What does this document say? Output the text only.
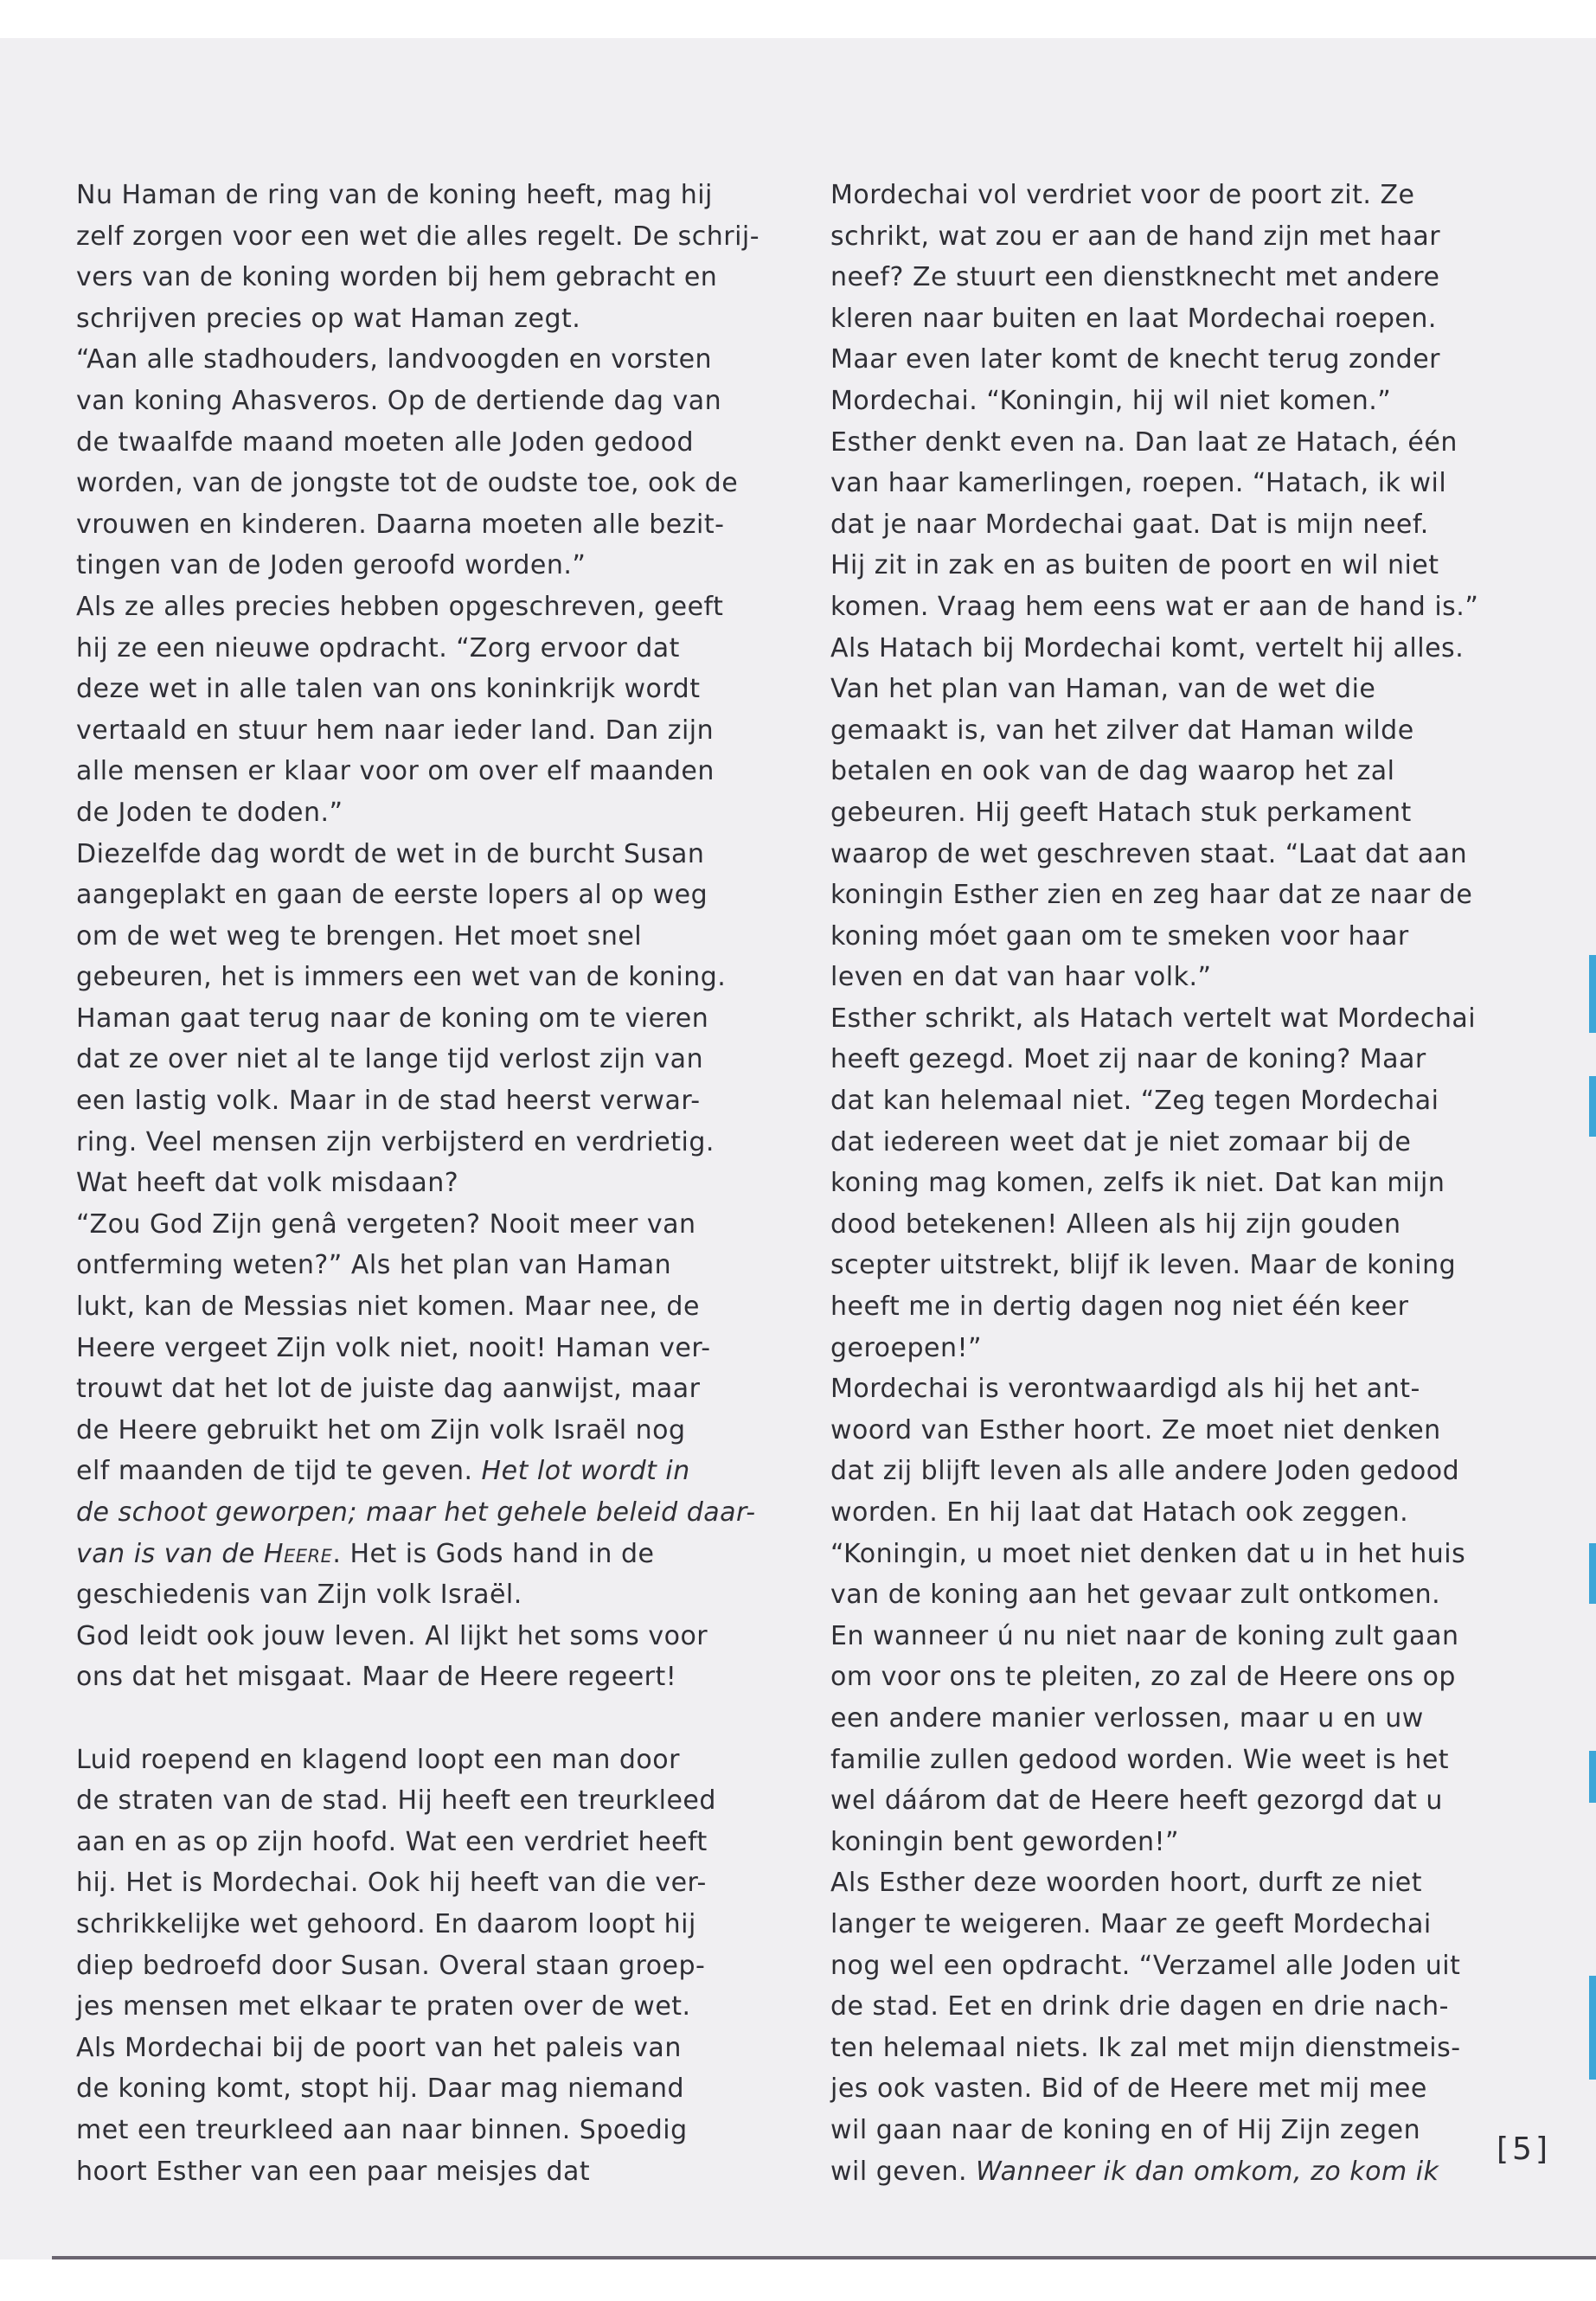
Nu Haman de ring van de koning heeft, mag hij
zelf zorgen voor een wet die alles regelt. De schrij-
vers van de koning worden bij hem gebracht en
schrijven precies op wat Haman zegt.
“Aan alle stadhouders, landvoogden en vorsten
van koning Ahasveros. Op de dertiende dag van
de twaalfde maand moeten alle Joden gedood
worden, van de jongste tot de oudste toe, ook de
vrouwen en kinderen. Daarna moeten alle bezit-
tingen van de Joden geroofd worden.”
Als ze alles precies hebben opgeschreven, geeft
hij ze een nieuwe opdracht. “Zorg ervoor dat
deze wet in alle talen van ons koninkrijk wordt
vertaald en stuur hem naar ieder land. Dan zijn
alle mensen er klaar voor om over elf maanden
de Joden te doden.”
Diezelfde dag wordt de wet in de burcht Susan
aangeplakt en gaan de eerste lopers al op weg
om de wet weg te brengen. Het moet snel
gebeuren, het is immers een wet van de koning.
Haman gaat terug naar de koning om te vieren
dat ze over niet al te lange tijd verlost zijn van
een lastig volk. Maar in de stad heerst verwar-
ring. Veel mensen zijn verbijsterd en verdrietig.
Wat heeft dat volk misdaan?
“Zou God Zijn genâ vergeten? Nooit meer van
ontferming weten?” Als het plan van Haman
lukt, kan de Messias niet komen. Maar nee, de
Heere vergeet Zijn volk niet, nooit! Haman ver-
trouwt dat het lot de juiste dag aanwijst, maar
de Heere gebruikt het om Zijn volk Israël nog
elf maanden de tijd te geven. Het lot wordt in
de schoot geworpen; maar het gehele beleid daar-
van is van de Heere. Het is Gods hand in de
geschiedenis van Zijn volk Israël.
God leidt ook jouw leven. Al lijkt het soms voor
ons dat het misgaat. Maar de Heere regeert!
Luid roepend en klagend loopt een man door
de straten van de stad. Hij heeft een treurkleed
aan en as op zijn hoofd. Wat een verdriet heeft
hij. Het is Mordechai. Ook hij heeft van die ver-
schrikkelijke wet gehoord. En daarom loopt hij
diep bedroefd door Susan. Overal staan groep-
jes mensen met elkaar te praten over de wet.
Als Mordechai bij de poort van het paleis van
de koning komt, stopt hij. Daar mag niemand
met een treurkleed aan naar binnen. Spoedig
hoort Esther van een paar meisjes dat
Mordechai vol verdriet voor de poort zit. Ze
schrikt, wat zou er aan de hand zijn met haar
neef? Ze stuurt een dienstknecht met andere
kleren naar buiten en laat Mordechai roepen.
Maar even later komt de knecht terug zonder
Mordechai. “Koningin, hij wil niet komen.”
Esther denkt even na. Dan laat ze Hatach, één
van haar kamerlingen, roepen. “Hatach, ik wil
dat je naar Mordechai gaat. Dat is mijn neef.
Hij zit in zak en as buiten de poort en wil niet
komen. Vraag hem eens wat er aan de hand is.”
Als Hatach bij Mordechai komt, vertelt hij alles.
Van het plan van Haman, van de wet die
gemaakt is, van het zilver dat Haman wilde
betalen en ook van de dag waarop het zal
gebeuren. Hij geeft Hatach stuk perkament
waarop de wet geschreven staat. “Laat dat aan
koningin Esther zien en zeg haar dat ze naar de
koning móet gaan om te smeken voor haar
leven en dat van haar volk.”
Esther schrikt, als Hatach vertelt wat Mordechai
heeft gezegd. Moet zij naar de koning? Maar
dat kan helemaal niet. “Zeg tegen Mordechai
dat iedereen weet dat je niet zomaar bij de
koning mag komen, zelfs ik niet. Dat kan mijn
dood betekenen! Alleen als hij zijn gouden
scepter uitstrekt, blijf ik leven. Maar de koning
heeft me in dertig dagen nog niet één keer
geroepen!”
Mordechai is verontwaardigd als hij het ant-
woord van Esther hoort. Ze moet niet denken
dat zij blijft leven als alle andere Joden gedood
worden. En hij laat dat Hatach ook zeggen.
“Koningin, u moet niet denken dat u in het huis
van de koning aan het gevaar zult ontkomen.
En wanneer ú nu niet naar de koning zult gaan
om voor ons te pleiten, zo zal de Heere ons op
een andere manier verlossen, maar u en uw
familie zullen gedood worden. Wie weet is het
wel dáárom dat de Heere heeft gezorgd dat u
koningin bent geworden!”
Als Esther deze woorden hoort, durft ze niet
langer te weigeren. Maar ze geeft Mordechai
nog wel een opdracht. “Verzamel alle Joden uit
de stad. Eet en drink drie dagen en drie nach-
ten helemaal niets. Ik zal met mijn dienstmeis-
jes ook vasten. Bid of de Heere met mij mee
wil gaan naar de koning en of Hij Zijn zegen
wil geven. Wanneer ik dan omkom, zo kom ik
[5]
